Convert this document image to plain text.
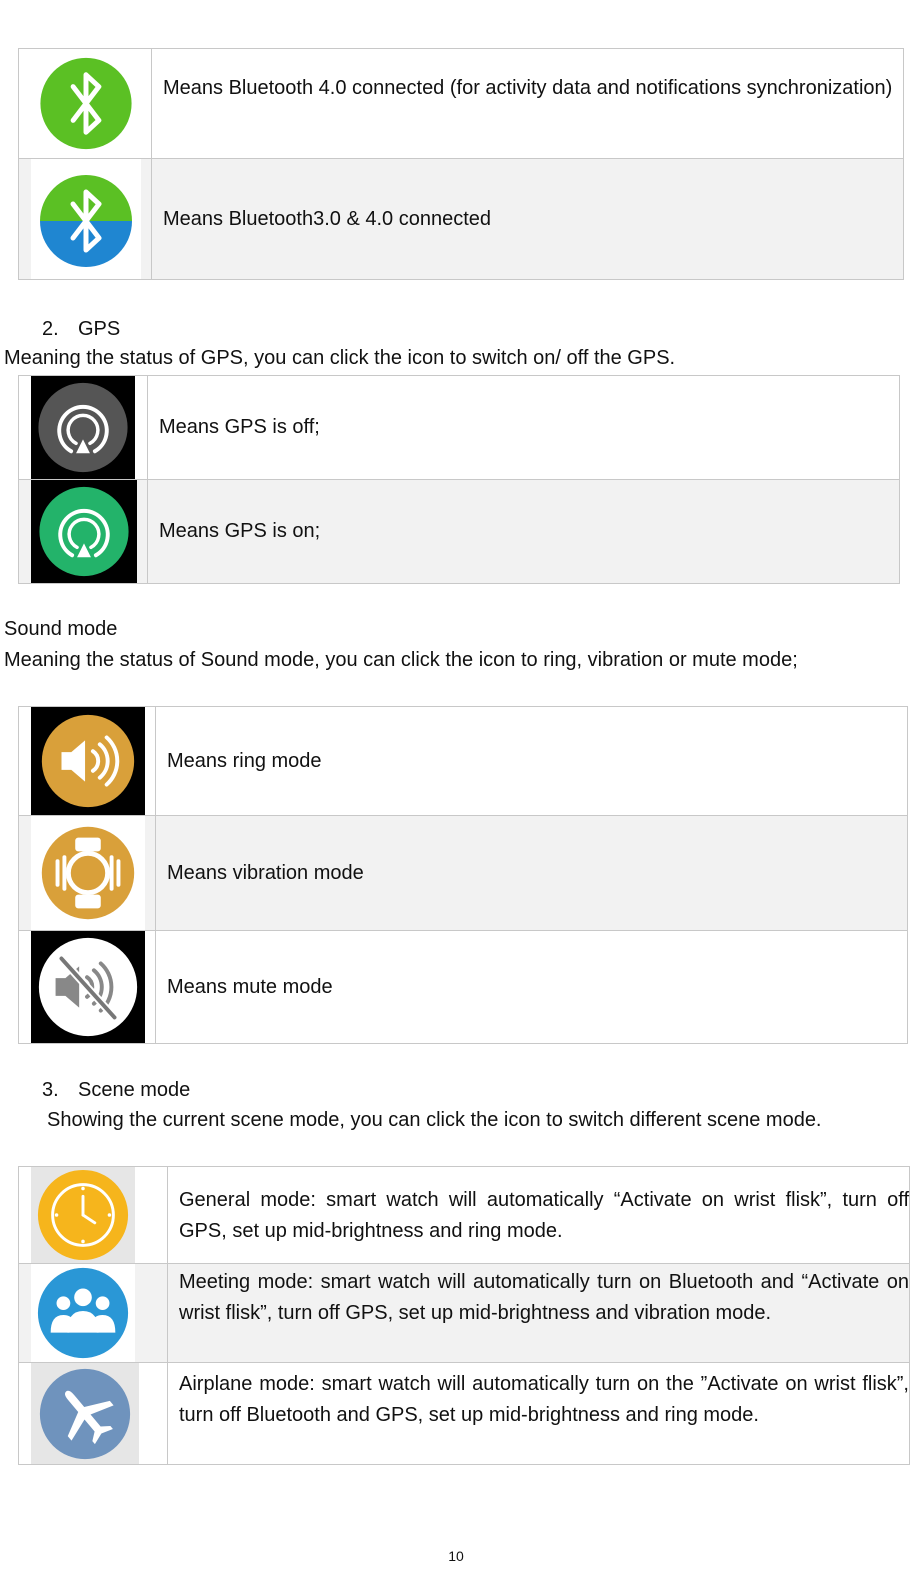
Means Bluetooth 4.0 connected (for activity data and notifications synchronization)
Means Bluetooth3.0 & 4.0 connected
2. GPS
Meaning the status of GPS, you can click the icon to switch on/ off the GPS.
Means GPS is off;
Means GPS is on;
Sound mode
Meaning the status of Sound mode, you can click the icon to ring, vibration or mute mode;
Means ring mode
Means vibration mode
Means mute mode
3. Scene mode
Showing the current scene mode, you can click the icon to switch different scene mode.
General mode: smart watch will automatically “Activate on wrist flisk”, turn off GPS, set up mid-brightness and ring mode.
Meeting mode: smart watch will automatically turn on Bluetooth and “Activate on wrist flisk”, turn off GPS, set up mid-brightness and vibration mode.
Airplane mode: smart watch will automatically turn on the ”Activate on wrist flisk”, turn off Bluetooth and GPS, set up mid-brightness and ring mode.
10
